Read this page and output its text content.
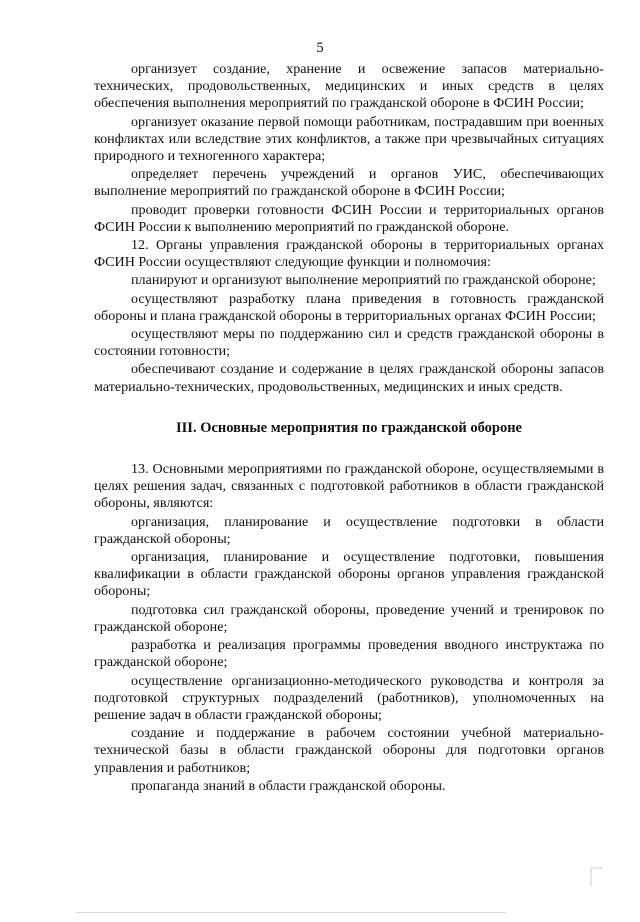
5

организует создание, хранение и освежение запасов материально-технических, продовольственных, медицинских и иных средств в целях обеспечения выполнения мероприятий по гражданской обороне в ФСИН России;

организует оказание первой помощи работникам, пострадавшим при военных конфликтах или вследствие этих конфликтов, а также при чрезвычайных ситуациях природного и техногенного характера;

определяет перечень учреждений и органов УИС, обеспечивающих выполнение мероприятий по гражданской обороне в ФСИН России;

проводит проверки готовности ФСИН России и территориальных органов ФСИН России к выполнению мероприятий по гражданской обороне.

12. Органы управления гражданской обороны в территориальных органах ФСИН России осуществляют следующие функции и полномочия:

планируют и организуют выполнение мероприятий по гражданской обороне;

осуществляют разработку плана приведения в готовность гражданской обороны и плана гражданской обороны в территориальных органах ФСИН России;

осуществляют меры по поддержанию сил и средств гражданской обороны в состоянии готовности;

обеспечивают создание и содержание в целях гражданской обороны запасов материально-технических, продовольственных, медицинских и иных средств.

III. Основные мероприятия по гражданской обороне

13. Основными мероприятиями по гражданской обороне, осуществляемыми в целях решения задач, связанных с подготовкой работников в области гражданской обороны, являются:

организация, планирование и осуществление подготовки в области гражданской обороны;

организация, планирование и осуществление подготовки, повышения квалификации в области гражданской обороны органов управления гражданской обороны;

подготовка сил гражданской обороны, проведение учений и тренировок по гражданской обороне;

разработка и реализация программы проведения вводного инструктажа по гражданской обороне;

осуществление организационно-методического руководства и контроля за подготовкой структурных подразделений (работников), уполномоченных на решение задач в области гражданской обороны;

создание и поддержание в рабочем состоянии учебной материально-технической базы в области гражданской обороны для подготовки органов управления и работников;

пропаганда знаний в области гражданской обороны.
